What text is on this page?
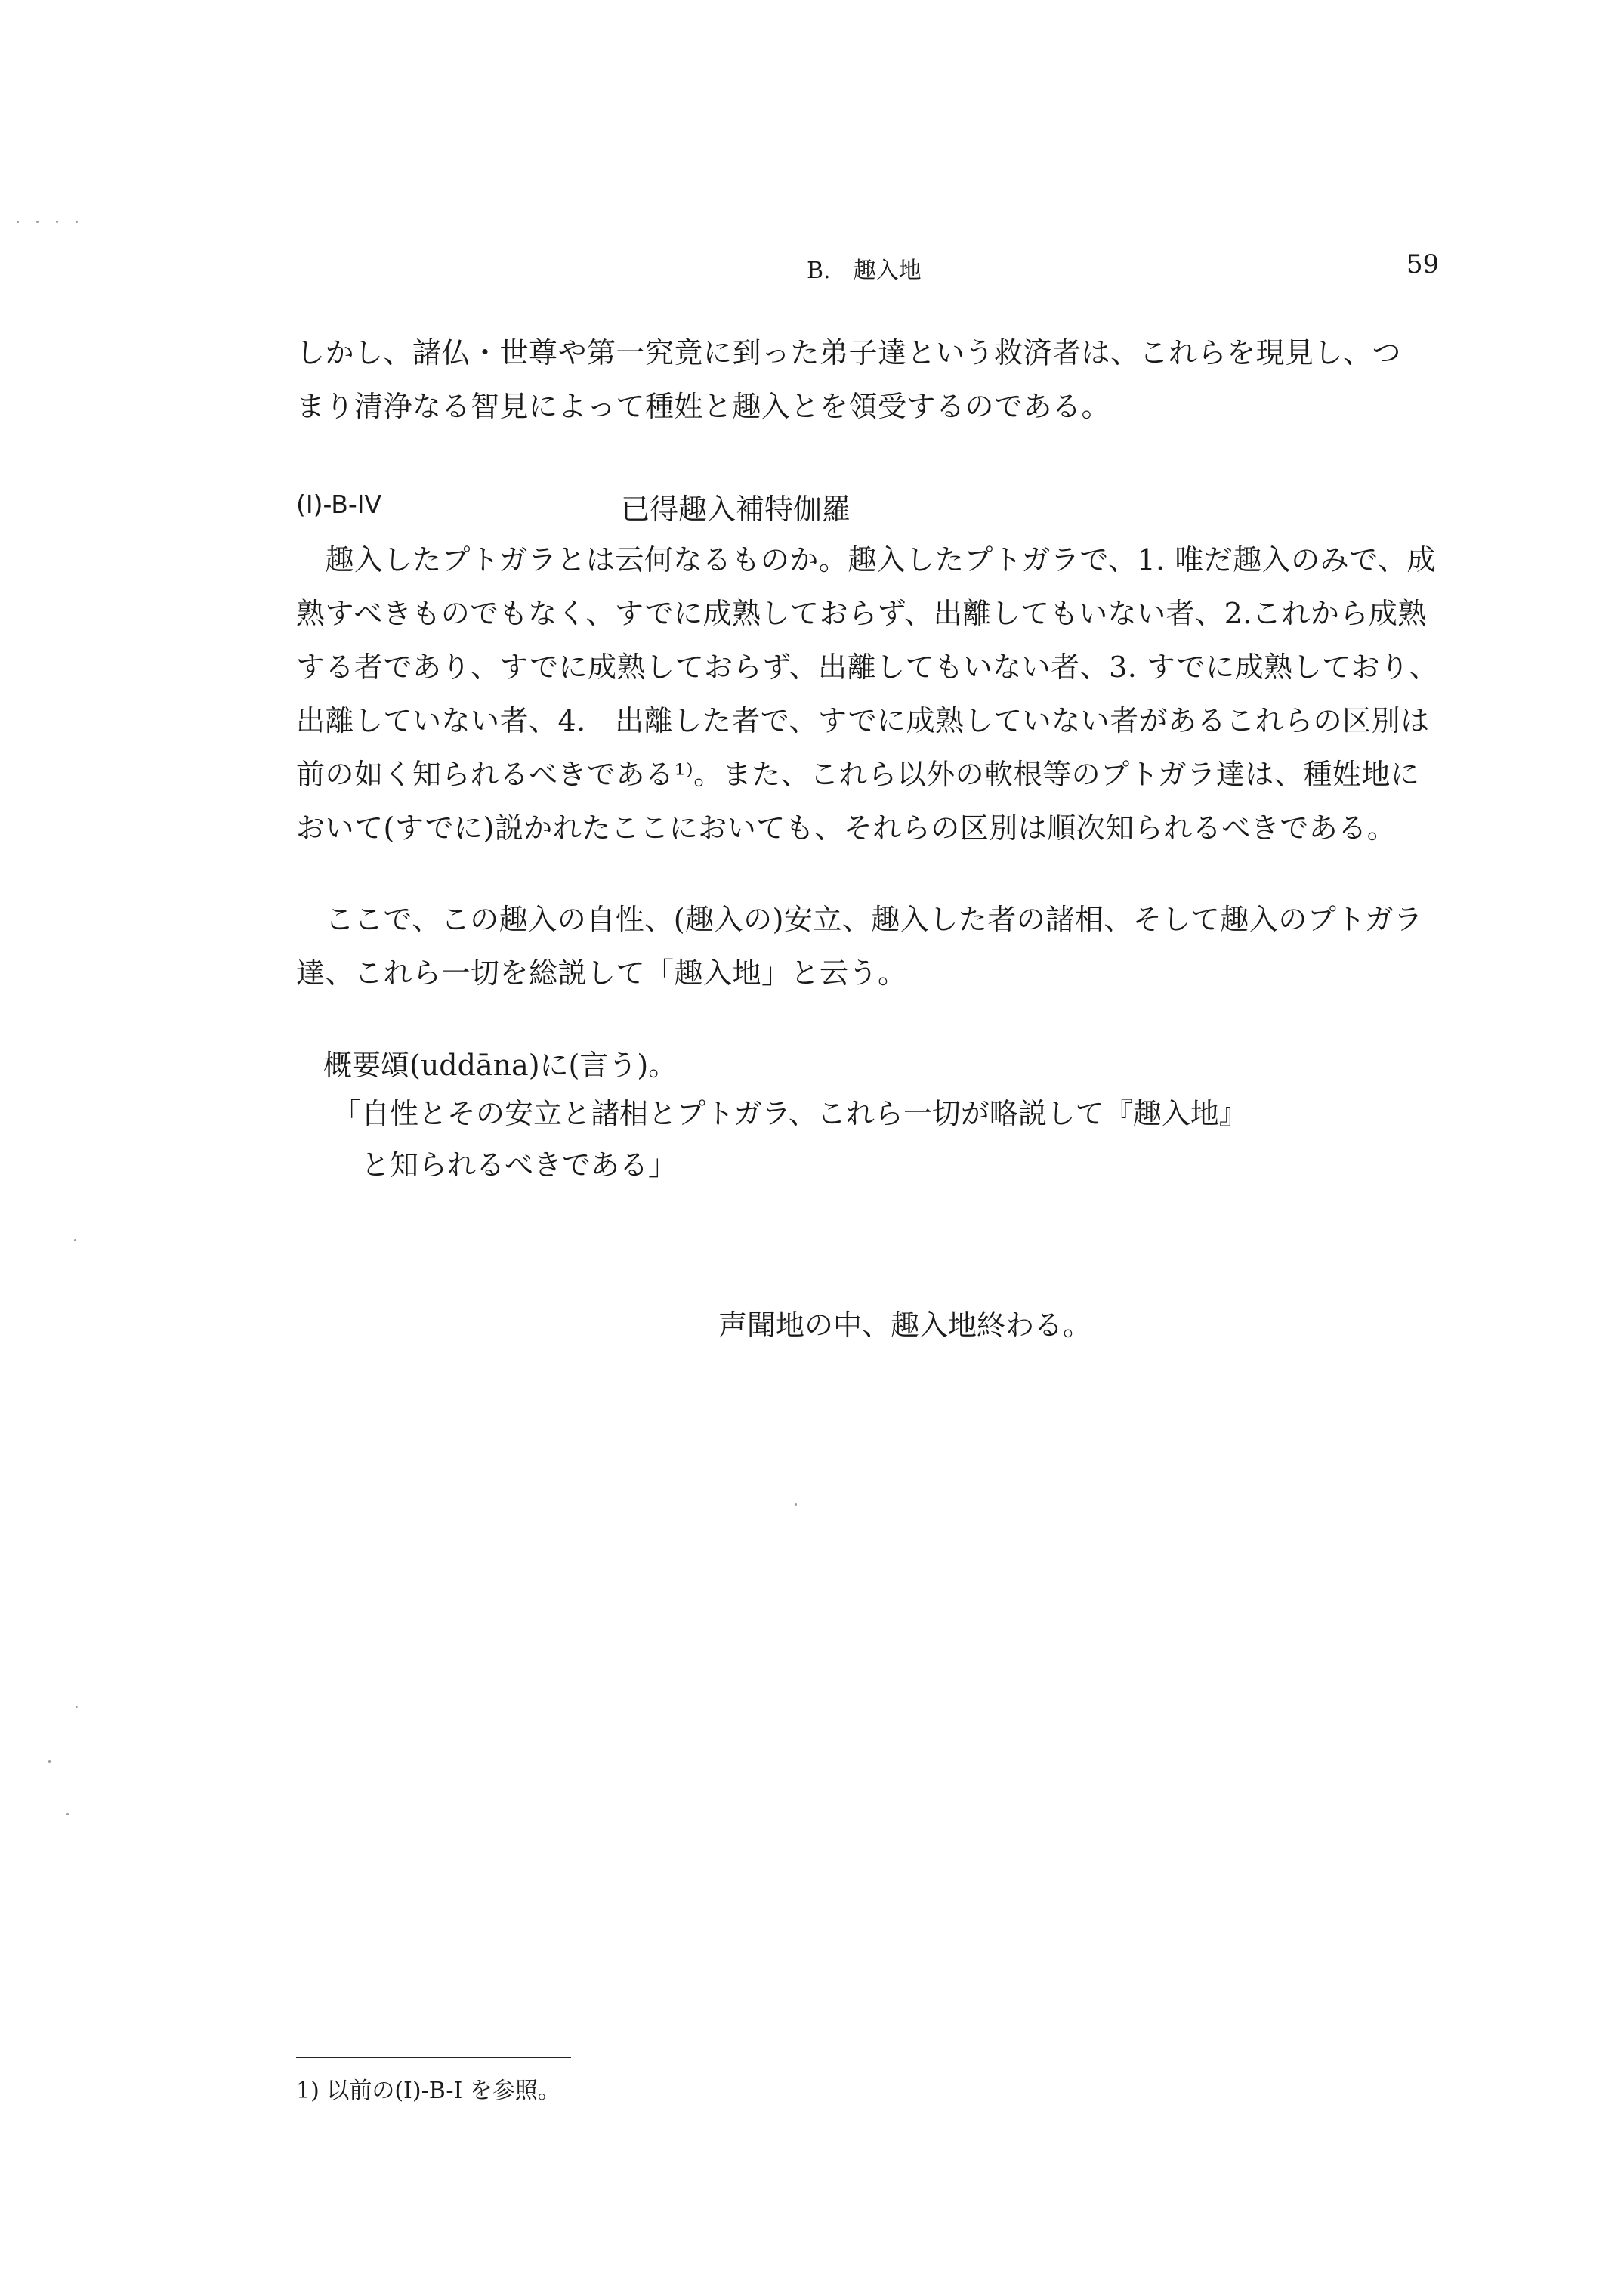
B.　趣入地	59
しかし、諸仏・世尊や第一究竟に到った弟子達という救済者は、これらを現見し、つ
まり清浄なる智見によって種姓と趣入とを領受するのである。
(I)-B-IV	已得趣入補特伽羅
　趣入したプトガラとは云何なるものか。趣入したプトガラで、1. 唯だ趣入のみで、成
熟すべきものでもなく、すでに成熟しておらず、出離してもいない者、2.これから成熟
する者であり、すでに成熟しておらず、出離してもいない者、3. すでに成熟しており、
出離していない者、4.　出離した者で、すでに成熟していない者があるこれらの区別は
前の如く知られるべきである¹⁾。また、これら以外の軟根等のプトガラ達は、種姓地に
おいて(すでに)説かれたここにおいても、それらの区別は順次知られるべきである。
　ここで、この趣入の自性、(趣入の)安立、趣入した者の諸相、そして趣入のプトガラ
達、これら一切を総説して「趣入地」と云う。
概要頌(uddāna)に(言う)。
「自性とその安立と諸相とプトガラ、これら一切が略説して『趣入地』
　と知られるべきである」
声聞地の中、趣入地終わる。
1) 以前の(I)-B-I を参照。
